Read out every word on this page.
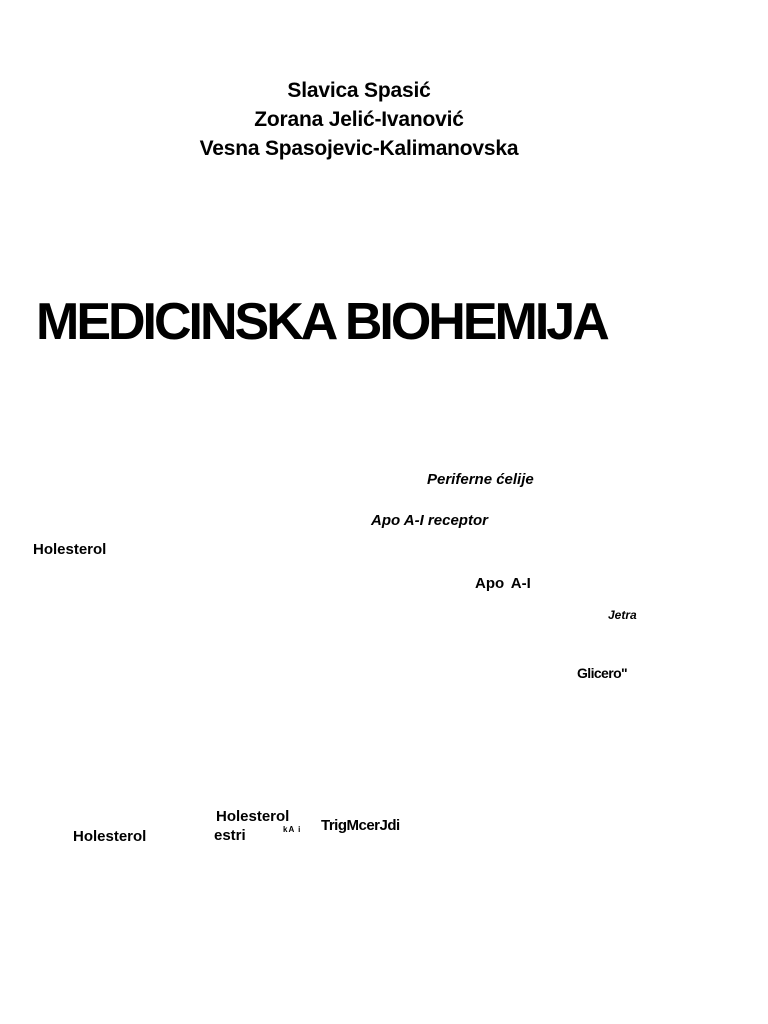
Slavica Spasić
Zorana Jelić-Ivanović
Vesna Spasojevic-Kalimanovska
MEDICINSKA BIOHEMIJA
Periferne ćelije
Apo A-I receptor
Holesterol
Apo A-I
Jetra
Glicero"
Holesterol
Holesterol
estri	kA i TrigMcerJdi
